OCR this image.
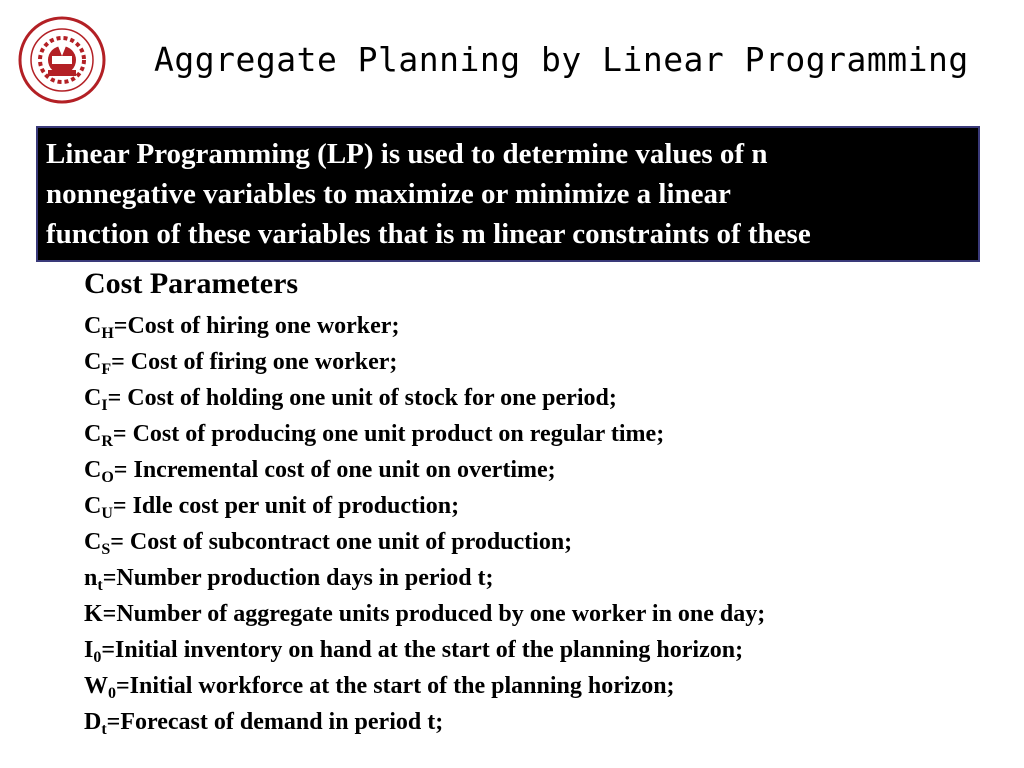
Aggregate Planning by Linear Programming
Linear Programming (LP) is used to determine values of n
nonnegative variables to maximize or minimize a linear
function of these variables that is m linear constraints of these
Cost Parameters
$C_H=Cost$ of hiring one worker;
$C_F=$ Cost of firing one worker;
$C_I=$ Cost of holding one unit of stock for one period;
$C_R=$ Cost of producing one unit product on regular time;
$C_O=$ Incremental cost of one unit on overtime;
$C_U=$ Idle cost per unit of production;
$C_S=$ Cost of subcontract one unit of production;
$n_t=Number$ production days in period t;
K=Number of aggregate units produced by one worker in one day;
$I_0=Initial$ inventory on hand at the start of the planning horizon;
$W_0=Initial$ workforce at the start of the planning horizon;
$D_t=Forecast$ of demand in period t;
